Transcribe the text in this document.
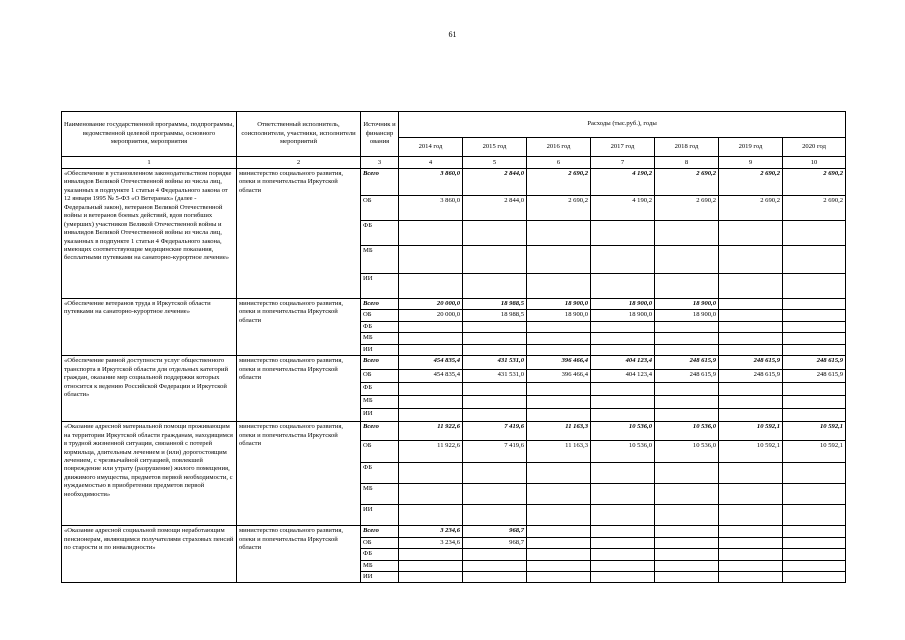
61
Наименование государственной программы, подпрограммы, ведомственной целевой программы, основного мероприятия, мероприятия	Ответственный исполнитель, соисполнители, участники, исполнители мероприятий	Источник и финансир ования	Расходы (тыс.руб.), годы						
			2014 год	2015 год	2016 год	2017 год	2018 год	2019 год	2020 год
1	2	3	4	5	6	7	8	9	10
«Обеспечение в установленном законодательством порядке инвалидов Великой Отечественной войны из числа лиц, указанных в подпункте 1 статьи 4 Федерального закона от 12 января 1995 № 5-ФЗ «О Ветеранах» (далее - Федеральный закон), ветеранов Великой Отечественной войны и ветеранов боевых действий, вдов погибших (умерших) участников Великой Отечественной войны и инвалидов Великой Отечественной войны из числа лиц, указанных в подпункте 1 статьи 4 Федерального закона, имеющих соответствующие медицинские показания, бесплатными путевками на санаторно-курортное лечение»	министерство социального развития, опеки и попечительства Иркутской области	Всего	3 860,0	2 844,0	2 690,2	4 190,2	2 690,2	2 690,2	2 690,2
		ОБ	3 860,0	2 844,0	2 690,2	4 190,2	2 690,2	2 690,2	2 690,2
		ФБ							
		МБ							
		ИИ							
«Обеспечение ветеранов труда в Иркутской области путевками на санаторно-курортное лечение»	министерство социального развития, опеки и попечительства Иркутской области	Всего	20 000,0	18 988,5	18 900,0	18 900,0	18 900,0		
		ОБ	20 000,0	18 988,5	18 900,0	18 900,0	18 900,0		
		ФБ							
		МБ							
		ИИ							
«Обеспечение равной доступности услуг общественного транспорта в Иркутской области для отдельных категорий граждан, оказание мер социальной поддержки которых относится к ведению Российской Федерации и Иркутской области»	министерство социального развития, опеки и попечительства Иркутской области	Всего	454 835,4	431 531,0	396 466,4	404 123,4	248 615,9	248 615,9	248 615,9
		ОБ	454 835,4	431 531,0	396 466,4	404 123,4	248 615,9	248 615,9	248 615,9
		ФБ							
		МБ							
		ИИ							
«Оказание адресной материальной помощи проживающим на территории Иркутской области гражданам, находящимся в трудной жизненной ситуации, связанной с потерей кормильца, длительным лечением и (или) дорогостоящим лечением, с чрезвычайной ситуацией, повлекшей повреждение или утрату (разрушение) жилого помещения, движимого имущества, предметов первой необходимости, с нуждаемостью в приобретении предметов первой необходимости»	министерство социального развития, опеки и попечительства Иркутской области	Всего	11 922,6	7 419,6	11 163,3	10 536,0	10 536,0	10 592,1	10 592,1
		ОБ	11 922,6	7 419,6	11 163,3	10 536,0	10 536,0	10 592,1	10 592,1
		ФБ							
		МБ							
		ИИ							
«Оказание адресной социальной помощи неработающим пенсионерам, являющимся получателями страховых пенсий по старости и по инвалидности»	министерство социального развития, опеки и попечительства Иркутской области	Всего	3 234,6	968,7					
		ОБ	3 234,6	968,7					
		ФБ							
		МБ							
		ИИ							
